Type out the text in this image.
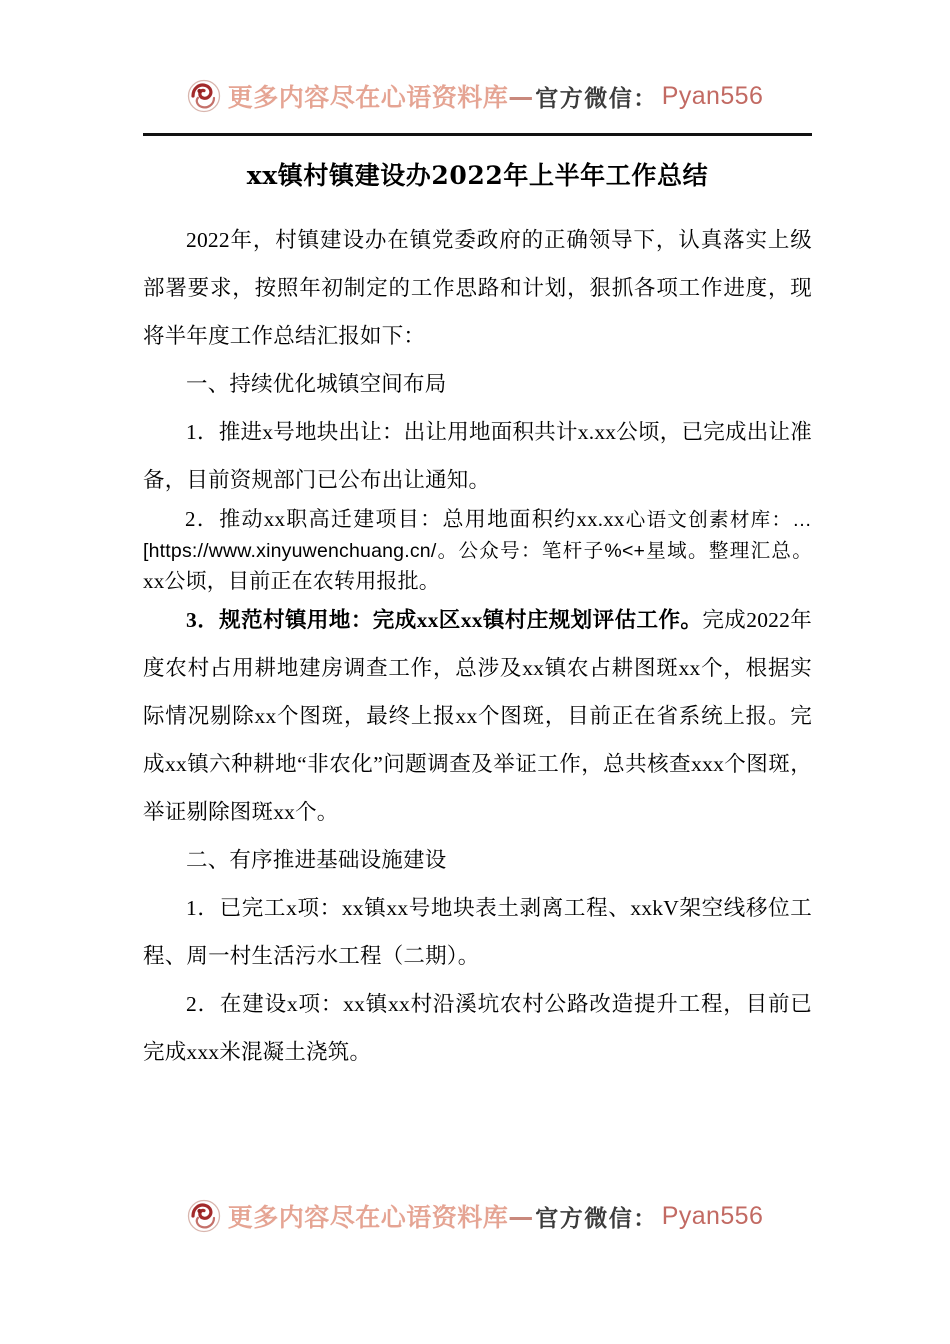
更多内容尽在心语资料库 — 官方微信： Pyan556
xx镇村镇建设办2022年上半年工作总结

2022年，村镇建设办在镇党委政府的正确领导下，认真落实上级部署要求，按照年初制定的工作思路和计划，狠抓各项工作进度，现将半年度工作总结汇报如下：

一、持续优化城镇空间布局

1．推进x号地块出让：出让用地面积共计x.xx公顷，已完成出让准备，目前资规部门已公布出让通知。

2．推动xx职高迁建项目：总用地面积约xx.xx心语文创素材库：…[https://www.xinyuwenchuang.cn/。公众号：笔杆子%<+星域。整理汇总。xx公顷，目前正在农转用报批。

3．规范村镇用地：完成xx区xx镇村庄规划评估工作。完成2022年度农村占用耕地建房调查工作，总涉及xx镇农占耕图斑xx个，根据实际情况剔除xx个图斑，最终上报xx个图斑，目前正在省系统上报。完成xx镇六种耕地“非农化”问题调查及举证工作，总共核查xxx个图斑，举证剔除图斑xx个。

二、有序推进基础设施建设

1．已完工x项：xx镇xx号地块表土剥离工程、xxkV架空线移位工程、周一村生活污水工程（二期）。

2．在建设x项：xx镇xx村沿溪坑农村公路改造提升工程，目前已完成xxx米混凝土浇筑。

更多内容尽在心语资料库 — 官方微信： Pyan556
